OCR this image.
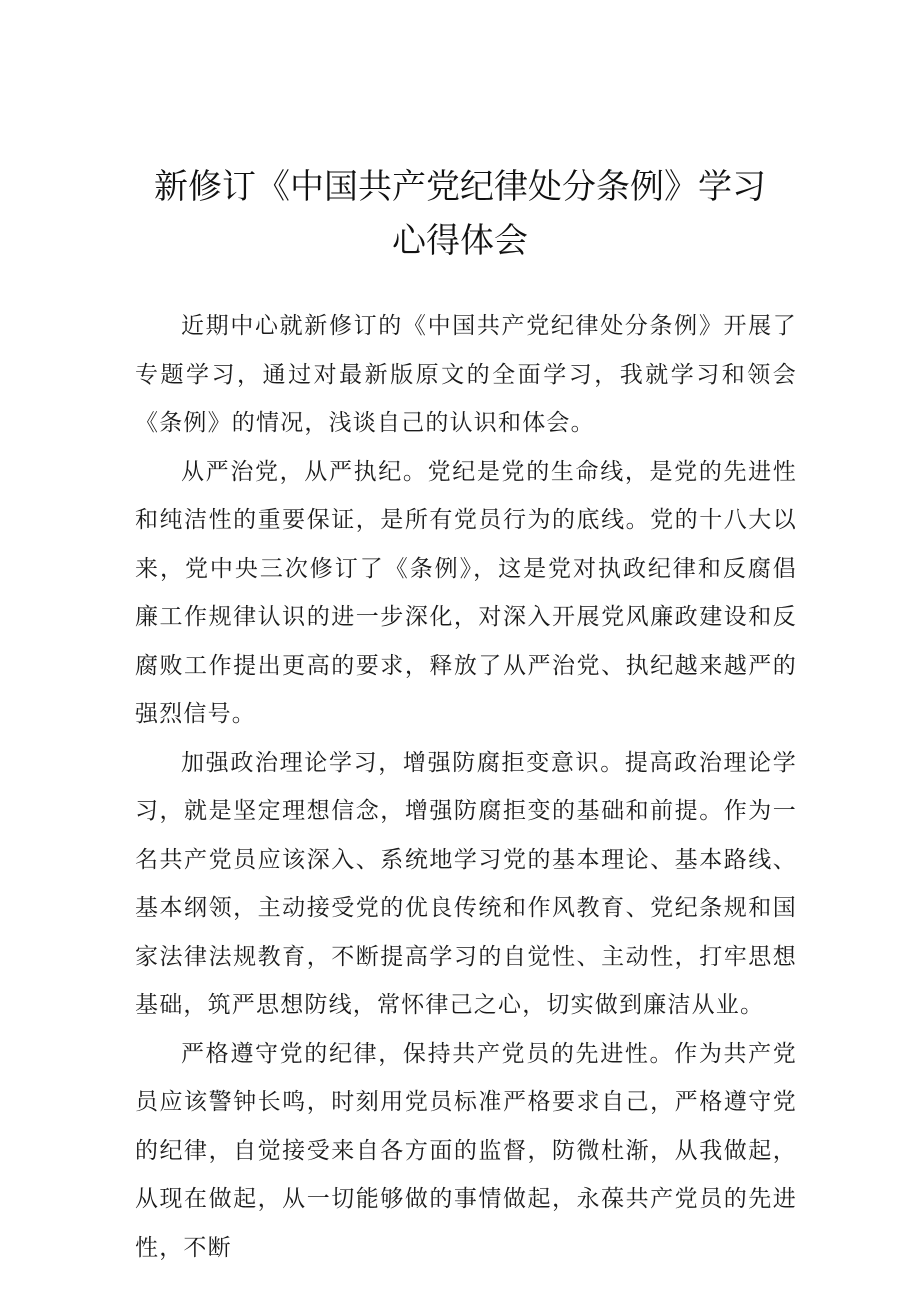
新修订《中国共产党纪律处分条例》学习
心得体会

近期中心就新修订的《中国共产党纪律处分条例》开展了专题学习，通过对最新版原文的全面学习，我就学习和领会《条例》的情况，浅谈自己的认识和体会。

从严治党，从严执纪。党纪是党的生命线，是党的先进性和纯洁性的重要保证，是所有党员行为的底线。党的十八大以来，党中央三次修订了《条例》，这是党对执政纪律和反腐倡廉工作规律认识的进一步深化，对深入开展党风廉政建设和反腐败工作提出更高的要求，释放了从严治党、执纪越来越严的强烈信号。

加强政治理论学习，增强防腐拒变意识。提高政治理论学习，就是坚定理想信念，增强防腐拒变的基础和前提。作为一名共产党员应该深入、系统地学习党的基本理论、基本路线、基本纲领，主动接受党的优良传统和作风教育、党纪条规和国家法律法规教育，不断提高学习的自觉性、主动性，打牢思想基础，筑严思想防线，常怀律己之心，切实做到廉洁从业。

严格遵守党的纪律，保持共产党员的先进性。作为共产党员应该警钟长鸣，时刻用党员标准严格要求自己，严格遵守党的纪律，自觉接受来自各方面的监督，防微杜渐，从我做起，从现在做起，从一切能够做的事情做起，永葆共产党员的先进性，不断
